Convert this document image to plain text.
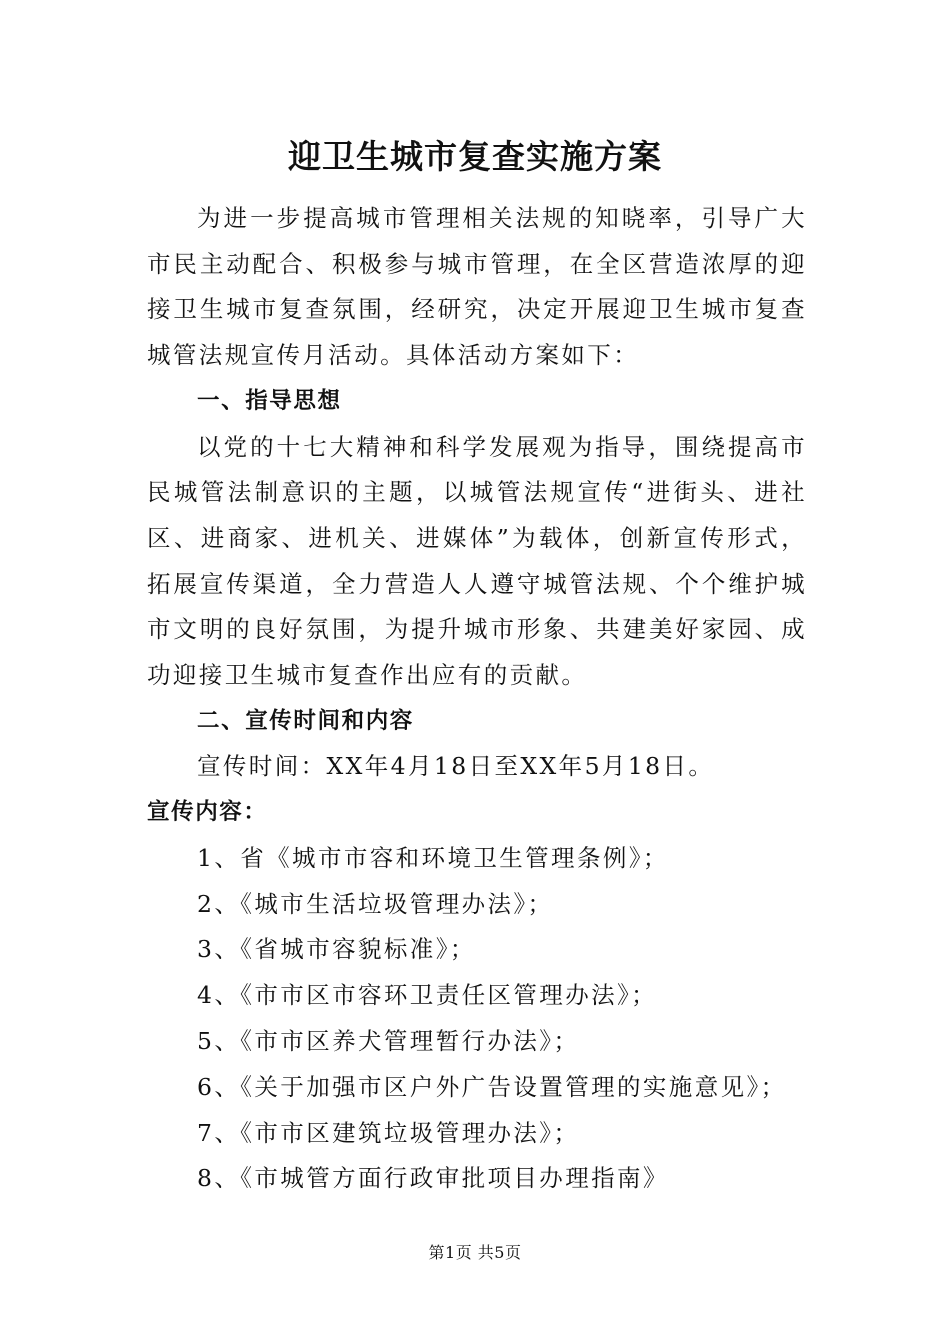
迎卫生城市复查实施方案

为进一步提高城市管理相关法规的知晓率，引导广大市民主动配合、积极参与城市管理，在全区营造浓厚的迎接卫生城市复查氛围，经研究，决定开展迎卫生城市复查城管法规宣传月活动。具体活动方案如下：

一、指导思想

以党的十七大精神和科学发展观为指导，围绕提高市民城管法制意识的主题，以城管法规宣传“进街头、进社区、进商家、进机关、进媒体”为载体，创新宣传形式，拓展宣传渠道，全力营造人人遵守城管法规、个个维护城市文明的良好氛围，为提升城市形象、共建美好家园、成功迎接卫生城市复查作出应有的贡献。

二、宣传时间和内容

宣传时间：XX年4月18日至XX年5月18日。

宣传内容：

1、省《城市市容和环境卫生管理条例》；
2、《城市生活垃圾管理办法》；
3、《省城市容貌标准》；
4、《市市区市容环卫责任区管理办法》；
5、《市市区养犬管理暂行办法》；
6、《关于加强市区户外广告设置管理的实施意见》；
7、《市市区建筑垃圾管理办法》；
8、《市城管方面行政审批项目办理指南》
第1页 共5页
